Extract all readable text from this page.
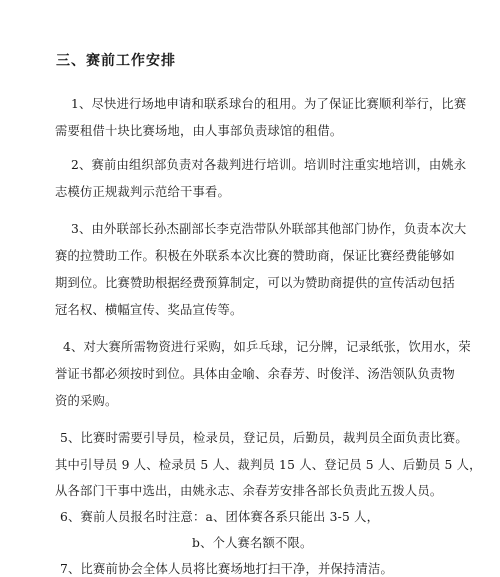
三、赛前工作安排
1、尽快进行场地申请和联系球台的租用。为了保证比赛顺利举行，比赛
需要租借十块比赛场地，由人事部负责球馆的租借。
2、赛前由组织部负责对各裁判进行培训。培训时注重实地培训，由姚永
志模仿正规裁判示范给干事看。
3、由外联部长孙杰副部长李克浩带队外联部其他部门协作，负责本次大
赛的拉赞助工作。积极在外联系本次比赛的赞助商，保证比赛经费能够如
期到位。比赛赞助根据经费预算制定，可以为赞助商提供的宣传活动包括
冠名权、横幅宣传、奖品宣传等。
4、对大赛所需物资进行采购，如乒乓球，记分牌，记录纸张，饮用水，荣
誉证书都必须按时到位。具体由金喻、余春芳、时俊洋、汤浩领队负责物
资的采购。
5、比赛时需要引导员，检录员，登记员，后勤员，裁判员全面负责比赛。
其中引导员 9 人、检录员 5 人、裁判员 15 人、登记员 5 人、后勤员 5 人，
从各部门干事中选出，由姚永志、余春芳安排各部长负责此五拨人员。
6、赛前人员报名时注意：a、团体赛各系只能出 3-5 人，
b、个人赛名额不限。
7、比赛前协会全体人员将比赛场地打扫干净，并保持清洁。
